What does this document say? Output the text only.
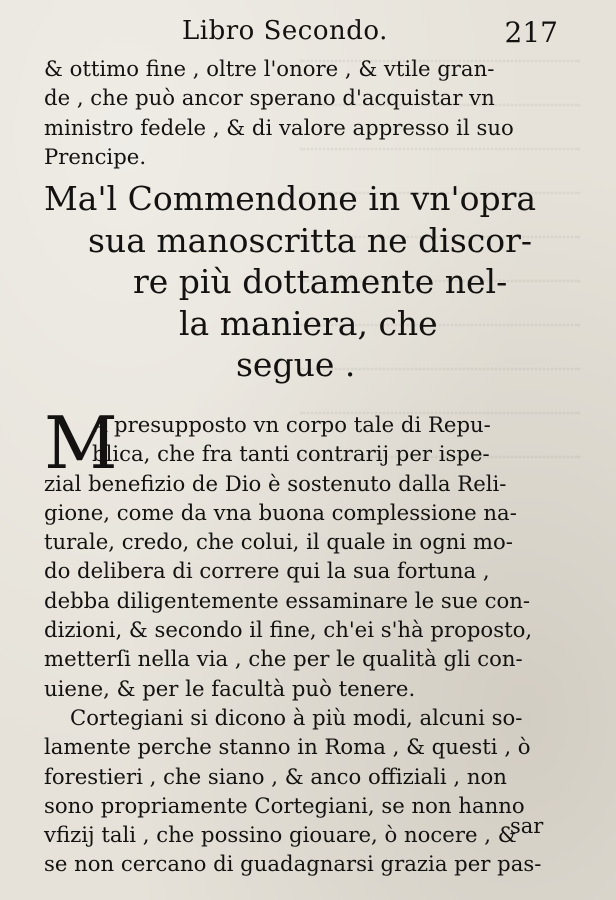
Libro Secondo.	217
& ottimo fine , oltre l'onore , & vtile gran-
de , che può ancor sperano d'acquistar vn
ministro fedele , & di valore appresso il suo
Prencipe.
Ma'l Commendone in vn'opra
sua manoscritta ne discor-
re più dottamente nel-
la maniera, che
segue .
M
A presupposto vn corpo tale di Repu-
blica, che fra tanti contrarij per ispe-
zial benefizio de Dio è sostenuto dalla Reli-
gione, come da vna buona complessione na-
turale, credo, che colui, il quale in ogni mo-
do delibera di correre qui la sua fortuna ,
debba diligentemente essaminare le sue con-
dizioni, & secondo il fine, ch'ei s'hà proposto,
metterſi nella via , che per le qualità gli con-
uiene, & per le facultà può tenere.
Cortegiani si dicono à più modi, alcuni so-
lamente perche stanno in Roma , & questi , ò
forestieri , che siano , & anco offiziali , non
sono propriamente Cortegiani, se non hanno
vfizij tali , che possino giouare, ò nocere , &
se non cercano di guadagnarsi grazia per pas-
sar
